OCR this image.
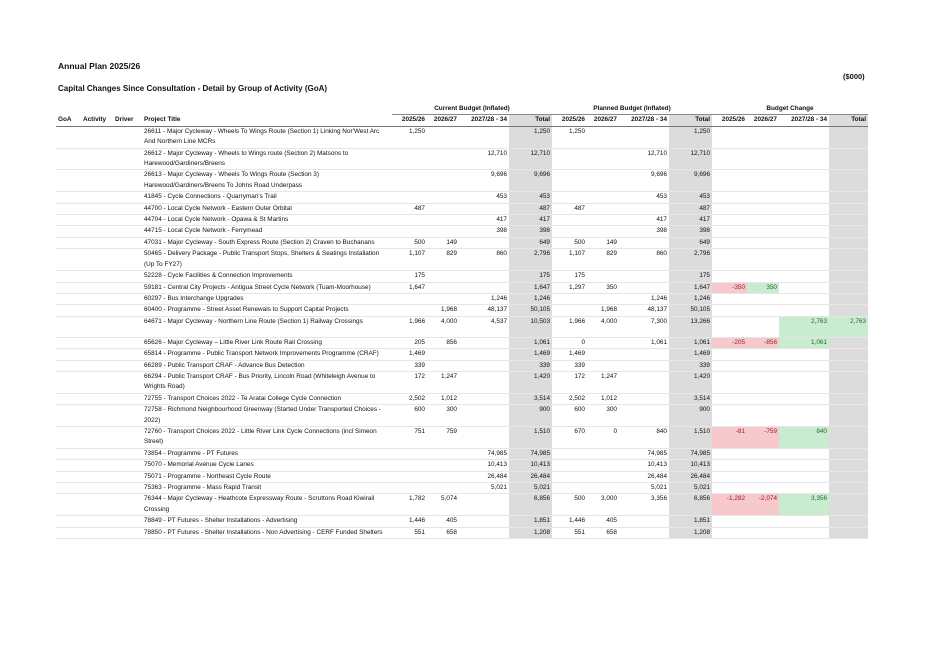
Annual Plan 2025/26
($000)
Capital Changes Since Consultation - Detail by Group of Activity (GoA)
				Current Budget (Inflated)				Planned Budget (Inflated)				Budget Change			
GoA	Activity	Driver	Project Title	2025/26	2026/27	2027/28 - 34	Total	2025/26	2026/27	2027/28 - 34	Total	2025/26	2026/27	2027/28 - 34	Total
			26611 - Major Cycleway - Wheels To Wings Route (Section 1) Linking Nor'West Arc And Northern Line MCRs	1,250			1,250	1,250			1,250				
			26612 - Major Cycleway - Wheels to Wings route (Section 2) Matsons to Harewood/Gardiners/Breens			12,710	12,710			12,710	12,710				
			26613 - Major Cycleway - Wheels To Wings Route (Section 3) Harewood/Gardiners/Breens To Johns Road Underpass			9,696	9,696			9,696	9,696				
			41845 - Cycle Connections - Quarryman's Trail			453	453			453	453				
			44700 - Local Cycle Network - Eastern Outer Orbital	487			487	487			487				
			44704 - Local Cycle Network - Opawa & St Martins			417	417			417	417				
			44715 - Local Cycle Network - Ferrymead			398	398			398	398				
			47031 - Major Cycleway - South Express Route (Section 2) Craven to Buchanans	500	149		649	500	149		649				
			50465 - Delivery Package - Public Transport Stops, Shelters & Seatings Installation (Up To FY27)	1,107	829	860	2,796	1,107	829	860	2,796				
			52228 - Cycle Facilities & Connection Improvements	175			175	175			175				
			59181 - Central City Projects - Antigua Street Cycle Network (Tuam-Moorhouse)	1,647			1,647	1,297	350		1,647	-350	350		
			60297 - Bus Interchange Upgrades			1,246	1,246			1,246	1,246				
			60400 - Programme - Street Asset Renewals to Support Capital Projects		1,968	48,137	50,105		1,968	48,137	50,105				
			64671 - Major Cycleway - Northern Line Route (Section 1) Railway Crossings	1,966	4,000	4,537	10,503	1,966	4,000	7,300	13,266			2,763	2,763
			65626 - Major Cycleway – Little River Link Route Rail Crossing	205	856		1,061	0		1,061	1,061	-205	-856	1,061	
			65814 - Programme - Public Transport Network Improvements Programme (CRAF)	1,469			1,469	1,469			1,469				
			66289 - Public Transport CRAF - Advance Bus Detection	339			339	339			339				
			66294 - Public Transport CRAF - Bus Priority, Lincoln Road (Whiteleigh Avenue to Wrights Road)	172	1,247		1,420	172	1,247		1,420				
			72755 - Transport Choices 2022 - Te Aratai College Cycle Connection	2,502	1,012		3,514	2,502	1,012		3,514				
			72758 - Richmond Neighbourhood Greenway (Started Under Transported Choices - 2022)	600	300		900	600	300		900				
			72760 - Transport Choices 2022 - Little River Link Cycle Connections (incl Simeon Street)	751	759		1,510	670	0	840	1,510	-81	-759	840	
			73854 - Programme - PT Futures			74,985	74,985			74,985	74,985				
			75070 - Memorial Avenue Cycle Lanes			10,413	10,413			10,413	10,413				
			75071 - Programme - Northeast Cycle Route			26,484	26,484			26,484	26,484				
			75363 - Programme - Mass Rapid Transit			5,021	5,021			5,021	5,021				
			76344 - Major Cycleway - Heathcote Expressway Route - Scruttons Road Kiwirail Crossing	1,782	5,074		6,856	500	3,000	3,356	6,856	-1,282	-2,074	3,356	
			78849 - PT Futures - Shelter Installations - Advertising	1,446	405		1,851	1,446	405		1,851				
			78850 - PT Futures - Shelter Installations - Non Advertising - CERF Funded Shelters	551	658		1,208	551	658		1,208				
